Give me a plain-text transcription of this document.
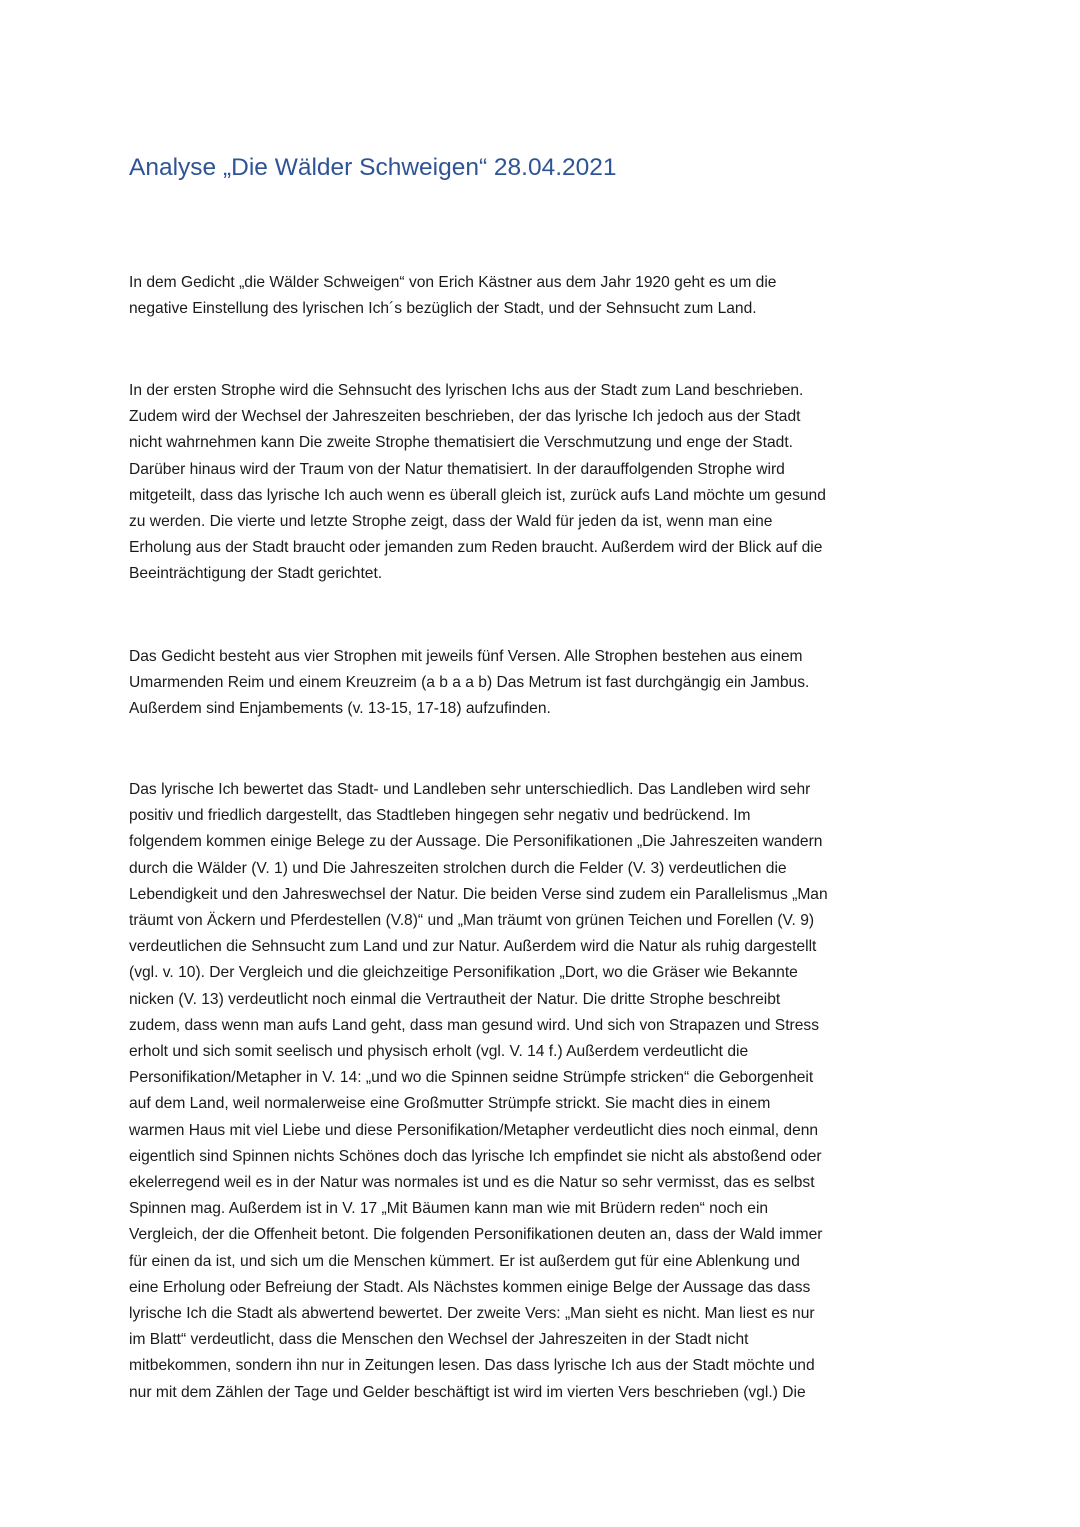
Analyse „Die Wälder Schweigen“ 28.04.2021

In dem Gedicht „die Wälder Schweigen“ von Erich Kästner aus dem Jahr 1920 geht es um die
negative Einstellung des lyrischen Ich´s bezüglich der Stadt, und der Sehnsucht zum Land.

In der ersten Strophe wird die Sehnsucht des lyrischen Ichs aus der Stadt zum Land beschrieben.
Zudem wird der Wechsel der Jahreszeiten beschrieben, der das lyrische Ich jedoch aus der Stadt
nicht wahrnehmen kann Die zweite Strophe thematisiert die Verschmutzung und enge der Stadt.
Darüber hinaus wird der Traum von der Natur thematisiert. In der darauffolgenden Strophe wird
mitgeteilt, dass das lyrische Ich auch wenn es überall gleich ist, zurück aufs Land möchte um gesund
zu werden. Die vierte und letzte Strophe zeigt, dass der Wald für jeden da ist, wenn man eine
Erholung aus der Stadt braucht oder jemanden zum Reden braucht. Außerdem wird der Blick auf die
Beeinträchtigung der Stadt gerichtet.

Das Gedicht besteht aus vier Strophen mit jeweils fünf Versen. Alle Strophen bestehen aus einem
Umarmenden Reim und einem Kreuzreim (a b a a b) Das Metrum ist fast durchgängig ein Jambus.
Außerdem sind Enjambements (v. 13-15, 17-18) aufzufinden.

Das lyrische Ich bewertet das Stadt- und Landleben sehr unterschiedlich. Das Landleben wird sehr
positiv und friedlich dargestellt, das Stadtleben hingegen sehr negativ und bedrückend. Im
folgendem kommen einige Belege zu der Aussage. Die Personifikationen „Die Jahreszeiten wandern
durch die Wälder (V. 1) und Die Jahreszeiten strolchen durch die Felder (V. 3) verdeutlichen die
Lebendigkeit und den Jahreswechsel der Natur. Die beiden Verse sind zudem ein Parallelismus „Man
träumt von Äckern und Pferdestellen (V.8)“ und „Man träumt von grünen Teichen und Forellen (V. 9)
verdeutlichen die Sehnsucht zum Land und zur Natur. Außerdem wird die Natur als ruhig dargestellt
(vgl. v. 10). Der Vergleich und die gleichzeitige Personifikation „Dort, wo die Gräser wie Bekannte
nicken (V. 13) verdeutlicht noch einmal die Vertrautheit der Natur. Die dritte Strophe beschreibt
zudem, dass wenn man aufs Land geht, dass man gesund wird. Und sich von Strapazen und Stress
erholt und sich somit seelisch und physisch erholt (vgl. V. 14 f.) Außerdem verdeutlicht die
Personifikation/Metapher in V. 14: „und wo die Spinnen seidne Strümpfe stricken“ die Geborgenheit
auf dem Land, weil normalerweise eine Großmutter Strümpfe strickt. Sie macht dies in einem
warmen Haus mit viel Liebe und diese Personifikation/Metapher verdeutlicht dies noch einmal, denn
eigentlich sind Spinnen nichts Schönes doch das lyrische Ich empfindet sie nicht als abstoßend oder
ekelerregend weil es in der Natur was normales ist und es die Natur so sehr vermisst, das es selbst
Spinnen mag. Außerdem ist in V. 17 „Mit Bäumen kann man wie mit Brüdern reden“ noch ein
Vergleich, der die Offenheit betont. Die folgenden Personifikationen deuten an, dass der Wald immer
für einen da ist, und sich um die Menschen kümmert. Er ist außerdem gut für eine Ablenkung und
eine Erholung oder Befreiung der Stadt. Als Nächstes kommen einige Belge der Aussage das dass
lyrische Ich die Stadt als abwertend bewertet. Der zweite Vers: „Man sieht es nicht. Man liest es nur
im Blatt“ verdeutlicht, dass die Menschen den Wechsel der Jahreszeiten in der Stadt nicht
mitbekommen, sondern ihn nur in Zeitungen lesen. Das dass lyrische Ich aus der Stadt möchte und
nur mit dem Zählen der Tage und Gelder beschäftigt ist wird im vierten Vers beschrieben (vgl.) Die
